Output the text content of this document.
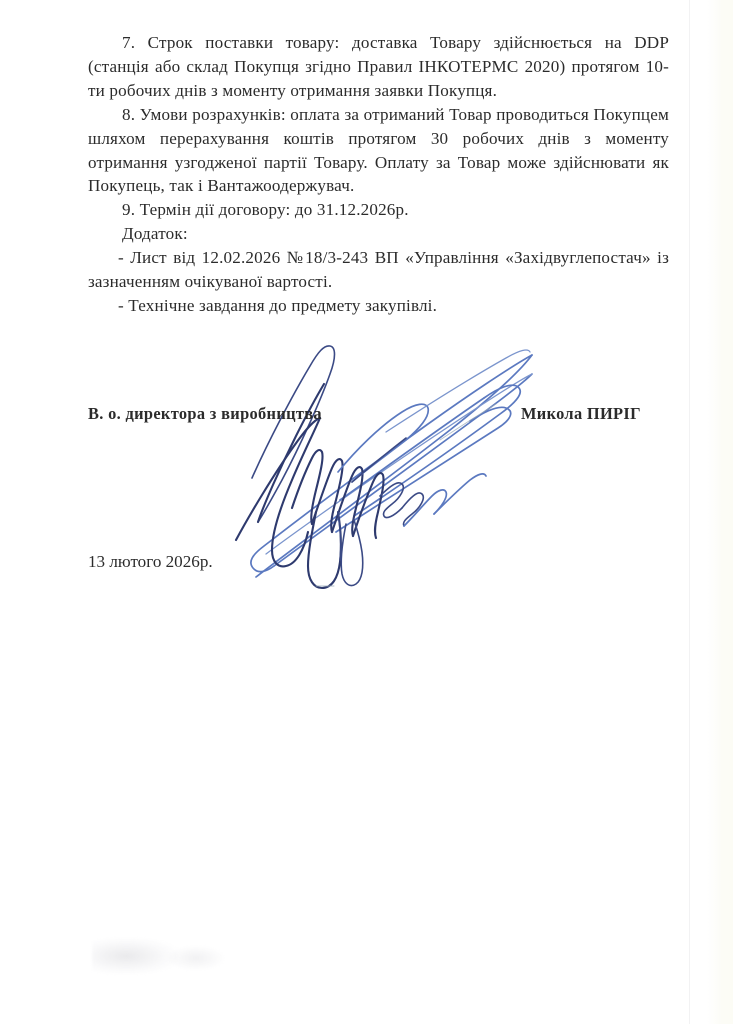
7. Строк поставки товару: доставка Товару здійснюється на DDP (станція або склад Покупця згідно Правил ІНКОТЕРМС 2020) протягом 10-ти робочих днів з моменту отримання заявки Покупця.

8. Умови розрахунків: оплата за отриманий Товар проводиться Покупцем шляхом перерахування коштів протягом 30 робочих днів з моменту отримання узгодженої партії Товару. Оплату за Товар може здійснювати як Покупець, так і Вантажоодержувач.

9. Термін дії договору: до 31.12.2026р.

Додаток:

- Лист від 12.02.2026 №18/3-243 ВП «Управління «Західвуглепостач» із зазначенням очікуваної вартості.

- Технічне завдання до предмету закупівлі.

В. о. директора з виробництва	Микола ПИРІГ
13 лютого 2026р.
